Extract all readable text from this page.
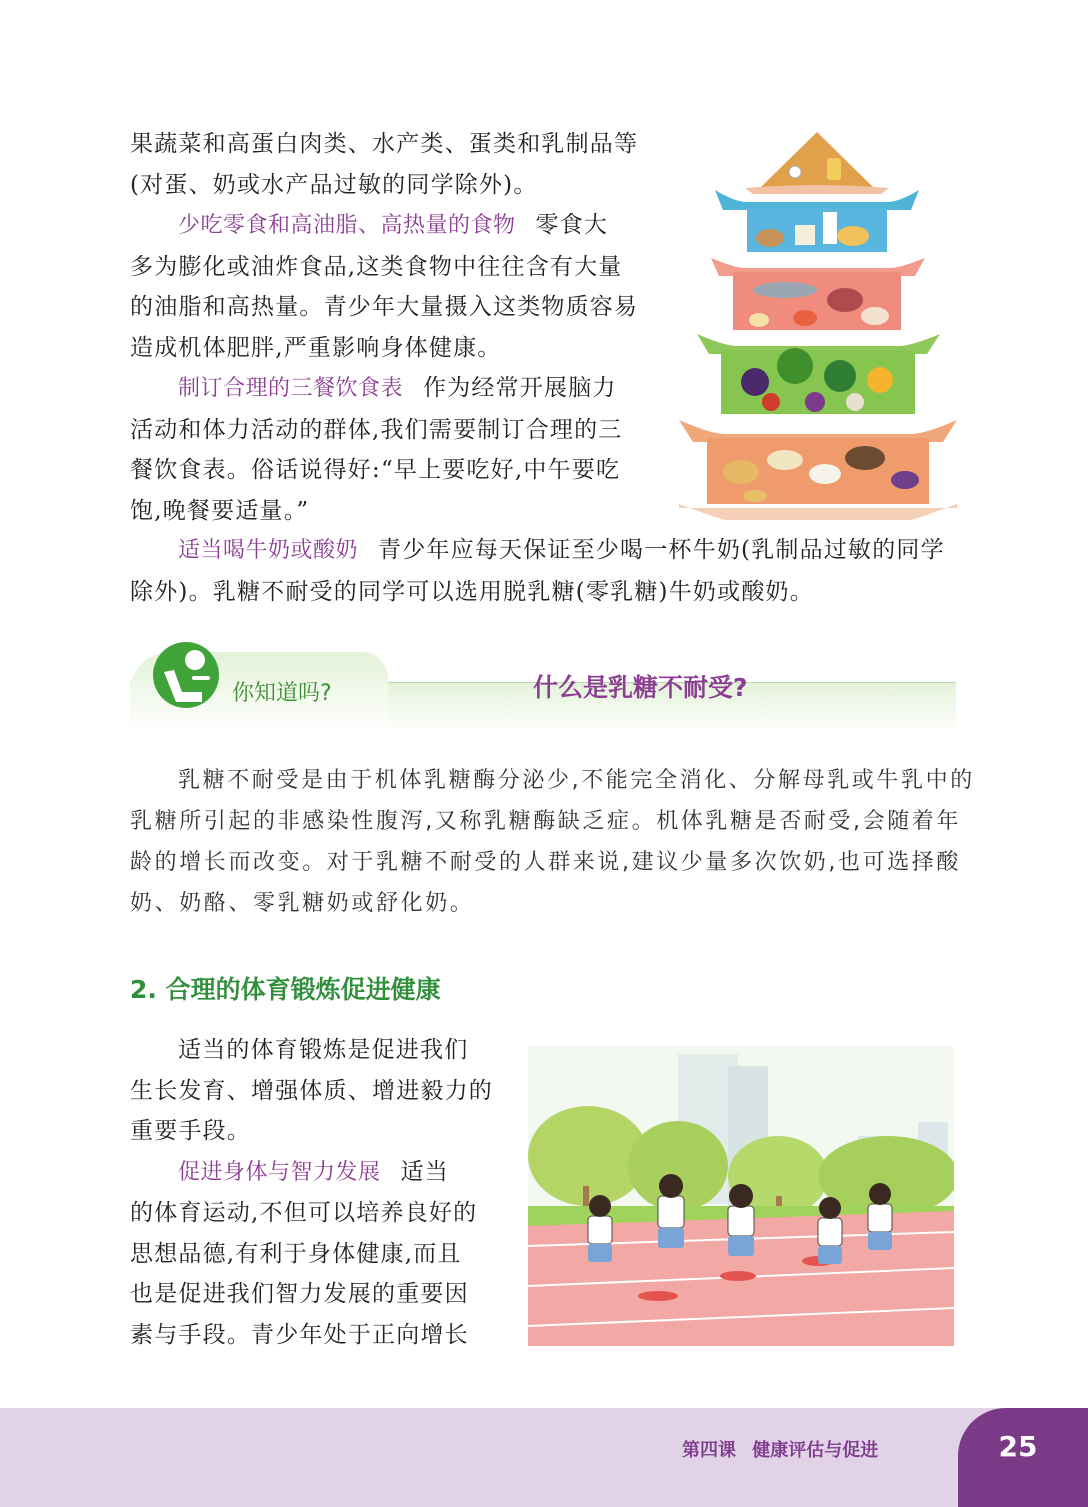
果蔬菜和高蛋白肉类、水产类、蛋类和乳制品等
(对蛋、奶或水产品过敏的同学除外)。
少吃零食和高油脂、高热量的食物 零食大
多为膨化或油炸食品,这类食物中往往含有大量
的油脂和高热量。青少年大量摄入这类物质容易
造成机体肥胖,严重影响身体健康。
制订合理的三餐饮食表 作为经常开展脑力
活动和体力活动的群体,我们需要制订合理的三
餐饮食表。俗话说得好:“早上要吃好,中午要吃
饱,晚餐要适量。”
适当喝牛奶或酸奶 青少年应每天保证至少喝一杯牛奶(乳制品过敏的同学
除外)。乳糖不耐受的同学可以选用脱乳糖(零乳糖)牛奶或酸奶。
你知道吗?	什么是乳糖不耐受?
乳糖不耐受是由于机体乳糖酶分泌少,不能完全消化、分解母乳或牛乳中的
乳糖所引起的非感染性腹泻,又称乳糖酶缺乏症。机体乳糖是否耐受,会随着年
龄的增长而改变。对于乳糖不耐受的人群来说,建议少量多次饮奶,也可选择酸
奶、奶酪、零乳糖奶或舒化奶。
2. 合理的体育锻炼促进健康
适当的体育锻炼是促进我们
生长发育、增强体质、增进毅力的
重要手段。
促进身体与智力发展 适当
的体育运动,不但可以培养良好的
思想品德,有利于身体健康,而且
也是促进我们智力发展的重要因
素与手段。青少年处于正向增长
第四课 健康评估与促进	25
